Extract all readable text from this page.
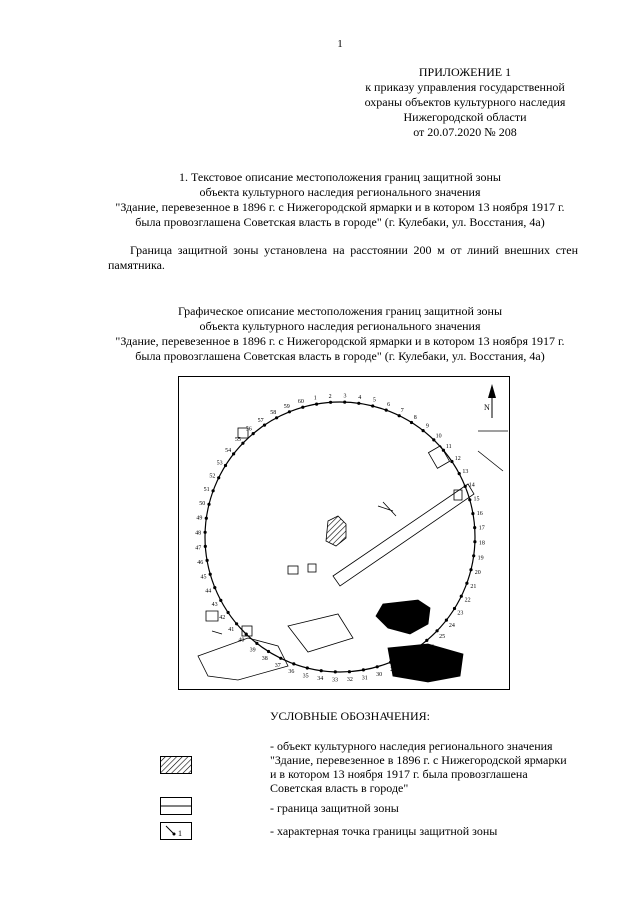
1
ПРИЛОЖЕНИЕ 1
к приказу управления государственной
охраны объектов культурного наследия
Нижегородской области
от 20.07.2020 № 208
1. Текстовое описание местоположения границ защитной зоны
объекта культурного наследия регионального значения
"Здание, перевезенное в 1896 г. с Нижегородской ярмарки и в котором 13 ноября 1917 г.
была провозглашена Советская власть в городе" (г. Кулебаки, ул. Восстания, 4а)
Граница защитной зоны установлена на расстоянии 200 м от линий внешних стен памятника.
Графическое описание местоположения границ защитной зоны
объекта культурного наследия регионального значения
"Здание, перевезенное в 1896 г. с Нижегородской ярмарки и в котором 13 ноября 1917 г.
была провозглашена Советская власть в городе" (г. Кулебаки, ул. Восстания, 4а)
N
1 2 3 4 5
6
7
8
9
10
11
12
13
14
15
16
17
18
19
20
21
22
23
24
25
26
27
28
29
30
31
32
33
34
35
36
37
38
39
40
41
42
43
44
45
46
47
48
49
50
51
52
53
54
55
56
57
58
59
60
УСЛОВНЫЕ ОБОЗНАЧЕНИЯ:
- объект культурного наследия регионального значения "Здание, перевезенное в 1896 г. с Нижегородской ярмарки и в котором 13 ноября 1917 г. была провозглашена Советская власть в городе"
- граница защитной зоны
1	- характерная точка границы защитной зоны
